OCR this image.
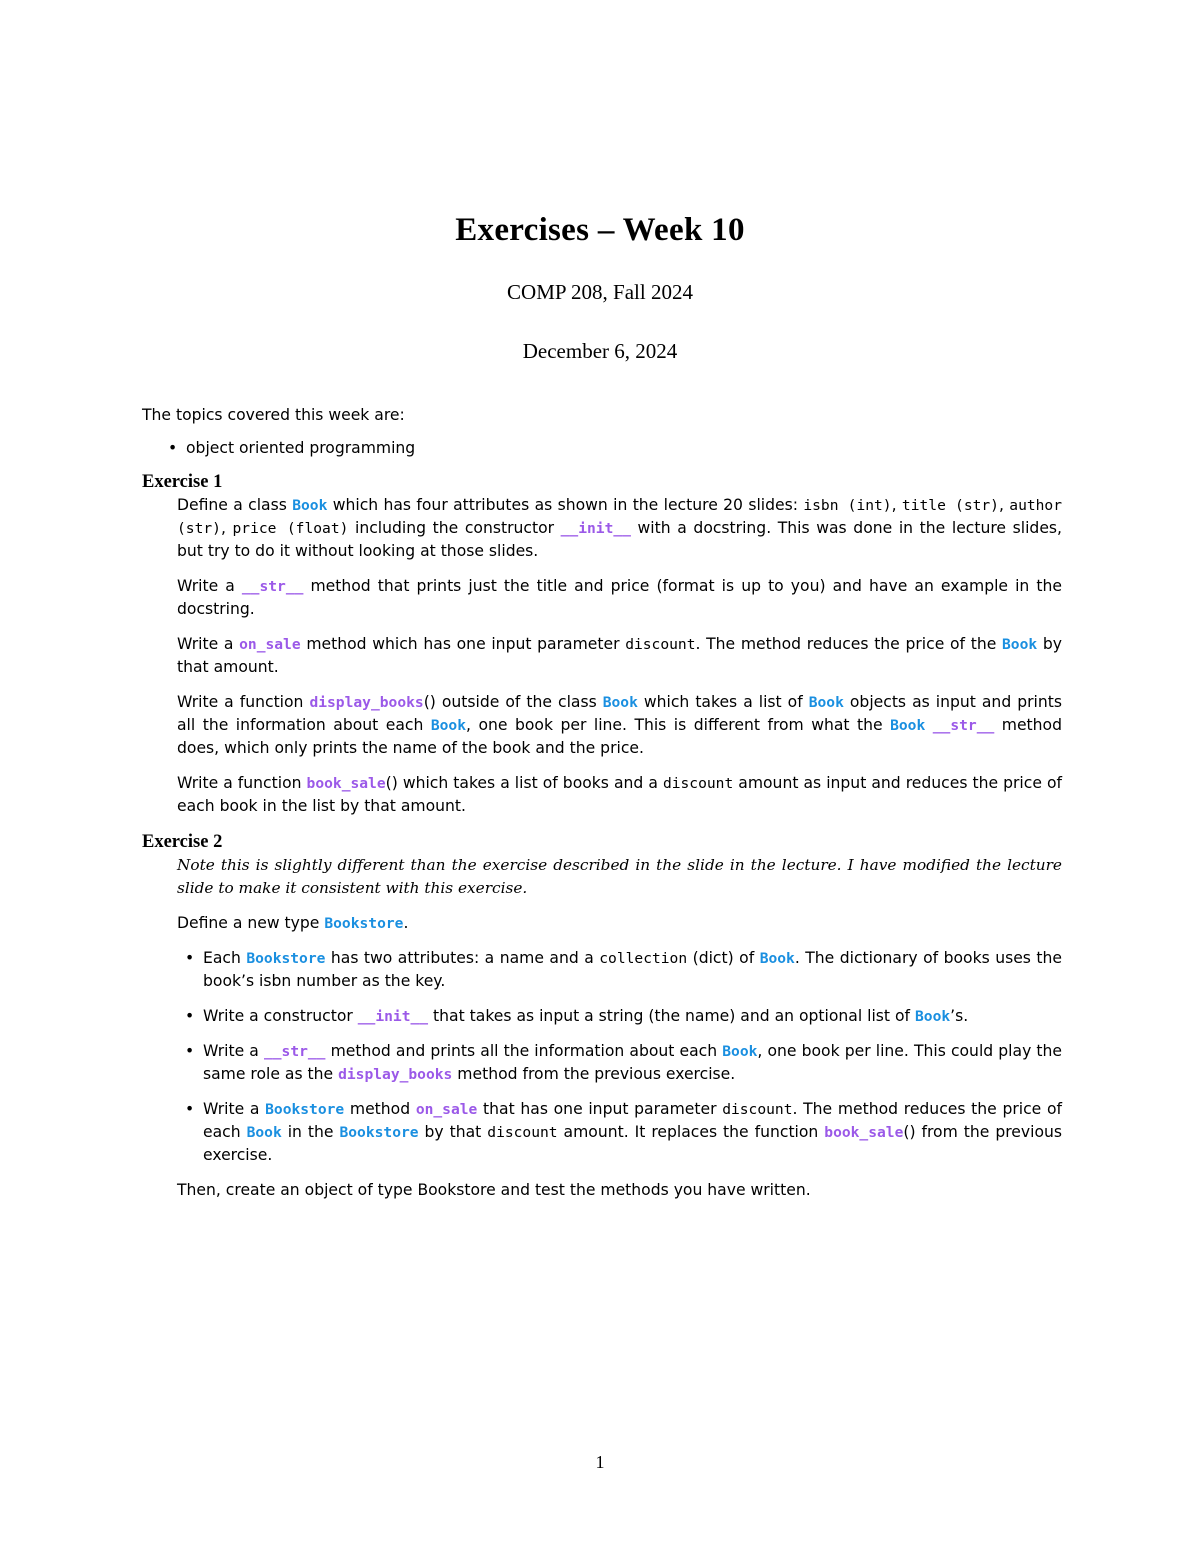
Exercises – Week 10
COMP 208, Fall 2024
December 6, 2024

The topics covered this week are:

• object oriented programming
Exercise 1

Define a class Book which has four attributes as shown in the lecture 20 slides: isbn (int), title (str), author (str), price (float) including the constructor __init__ with a docstring. This was done in the lecture slides, but try to do it without looking at those slides.

Write a __str__ method that prints just the title and price (format is up to you) and have an example in the docstring.

Write a on_sale method which has one input parameter discount. The method reduces the price of the Book by that amount.

Write a function display_books() outside of the class Book which takes a list of Book objects as input and prints all the information about each Book, one book per line. This is different from what the Book __str__ method does, which only prints the name of the book and the price.

Write a function book_sale() which takes a list of books and a discount amount as input and reduces the price of each book in the list by that amount.

Exercise 2

Note this is slightly different than the exercise described in the slide in the lecture. I have modified the lecture slide to make it consistent with this exercise.

Define a new type Bookstore.

• Each Bookstore has two attributes: a name and a collection (dict) of Book. The dictionary of books uses the book’s isbn number as the key.
• Write a constructor __init__ that takes as input a string (the name) and an optional list of Book’s.
• Write a __str__ method and prints all the information about each Book, one book per line. This could play the same role as the display_books method from the previous exercise.
• Write a Bookstore method on_sale that has one input parameter discount. The method reduces the price of each Book in the Bookstore by that discount amount. It replaces the function book_sale() from the previous exercise.

Then, create an object of type Bookstore and test the methods you have written.

1
